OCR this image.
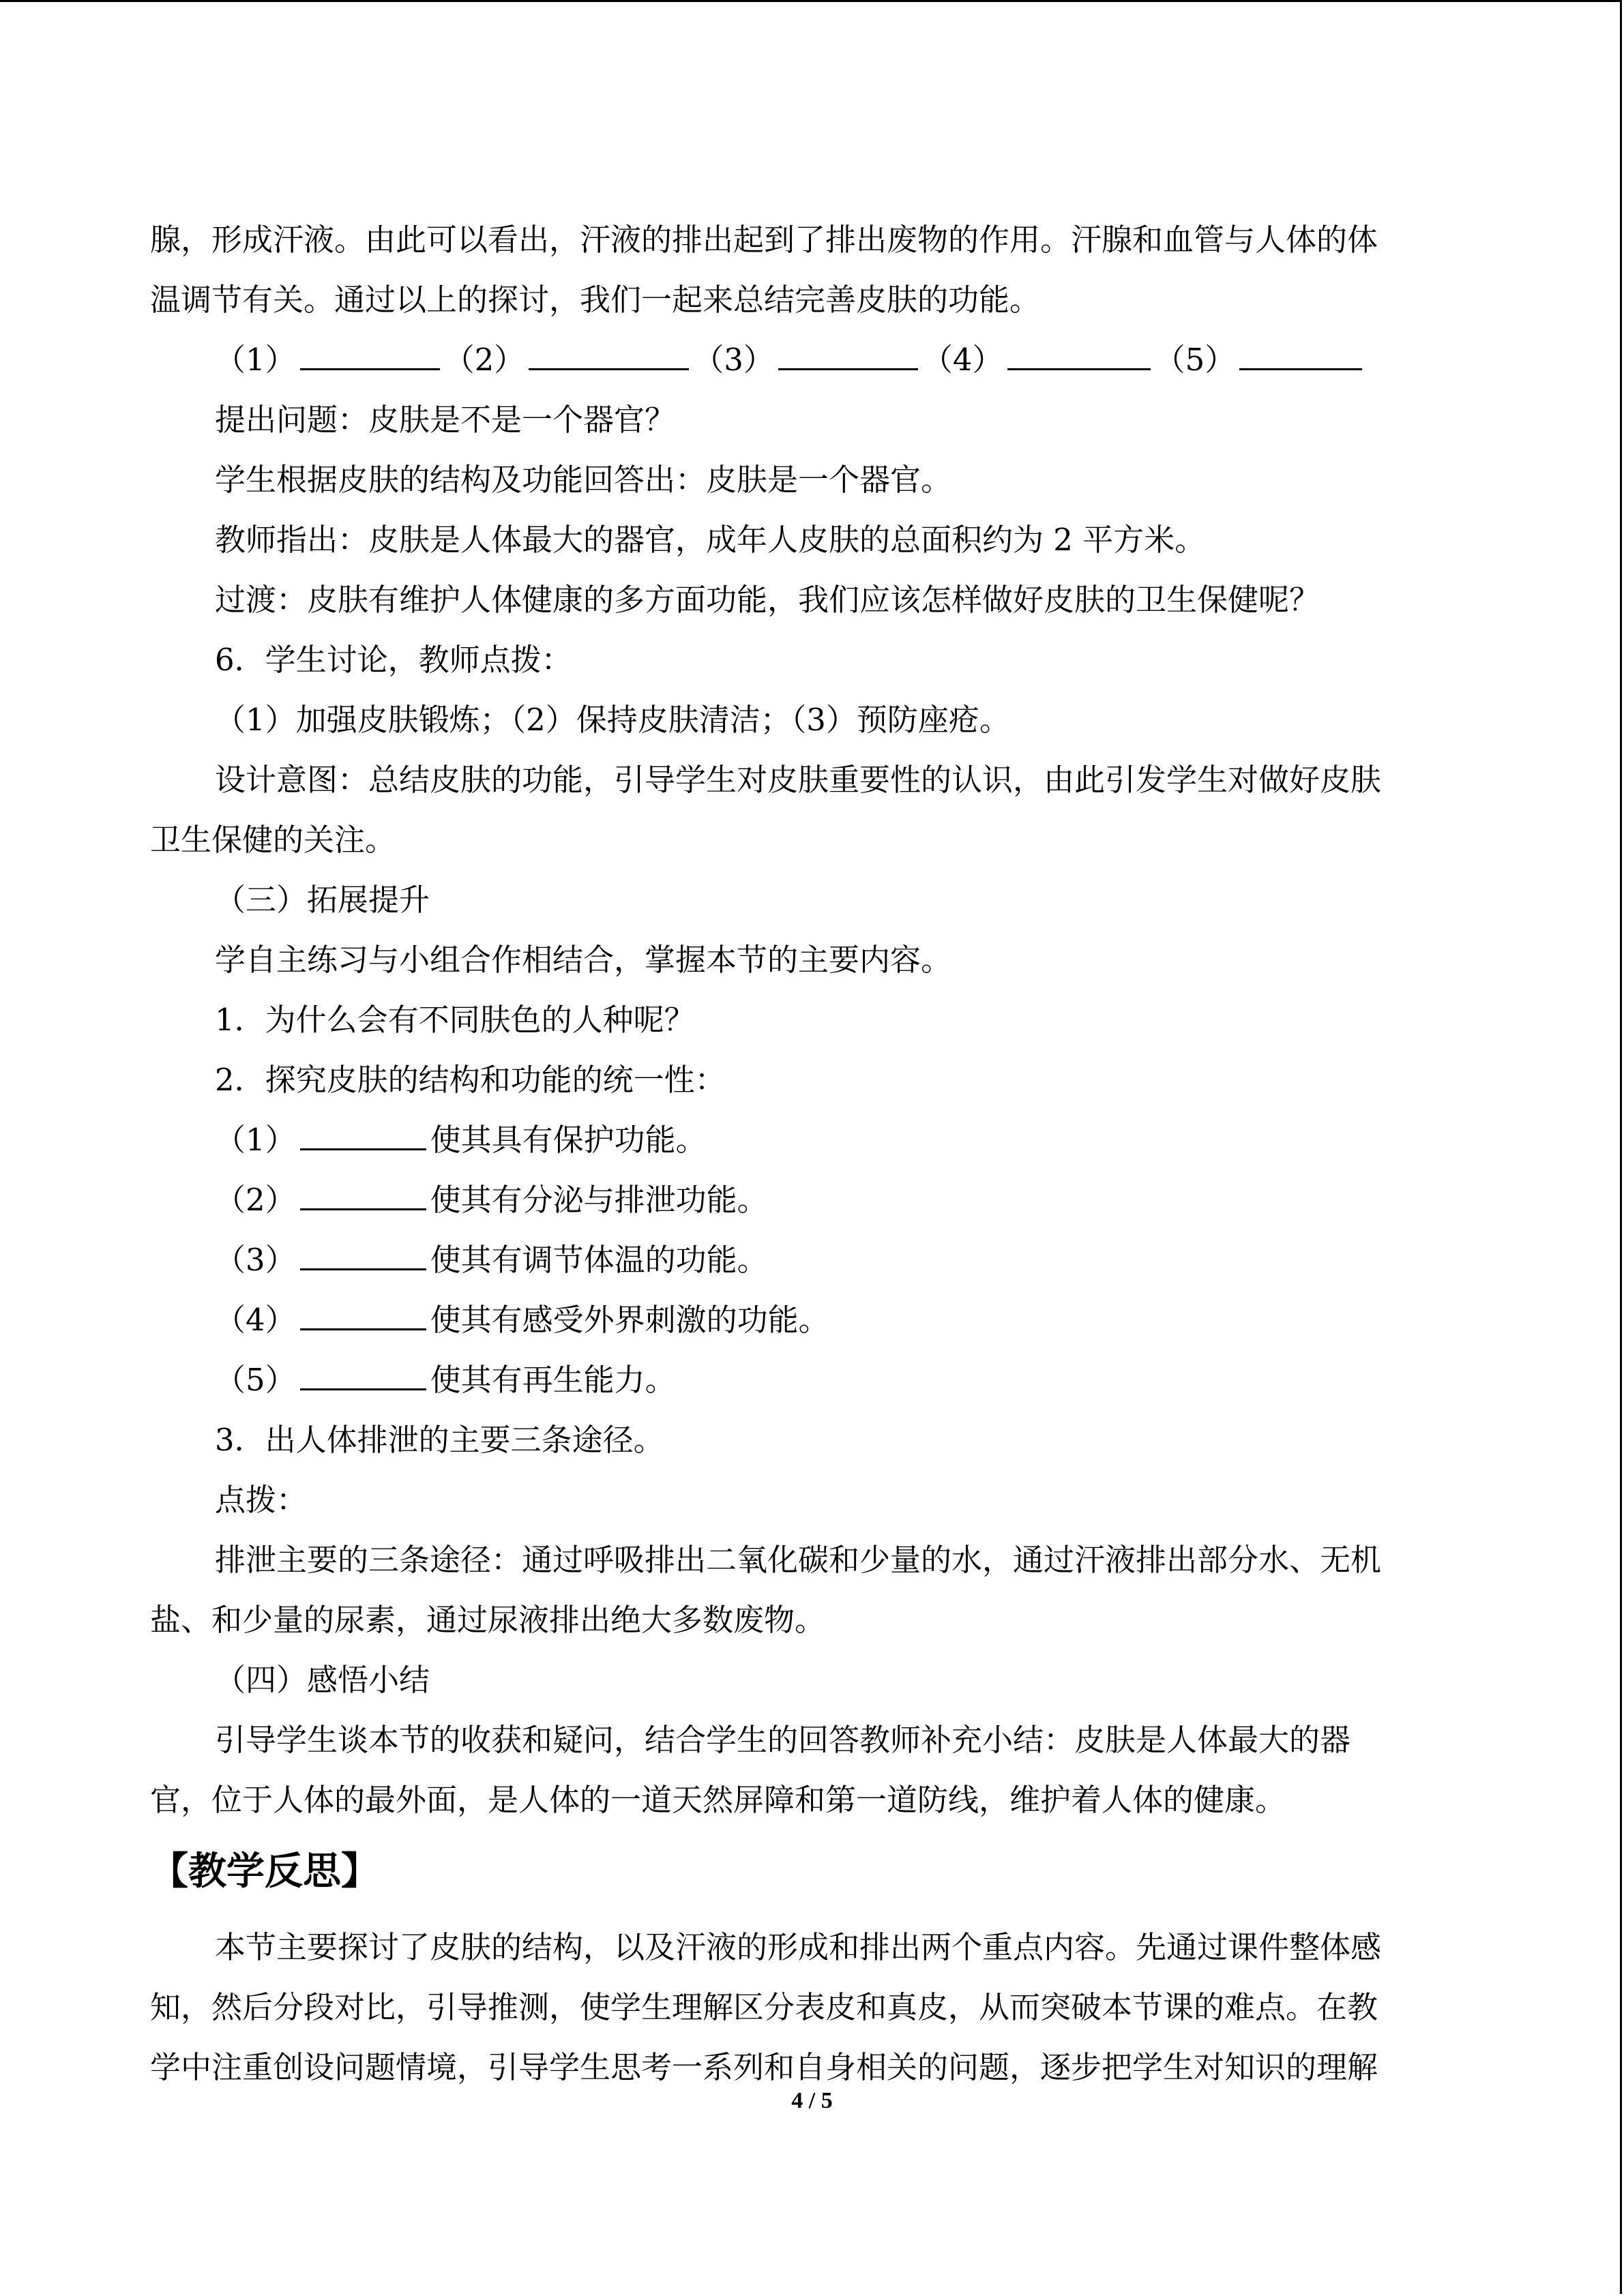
腺，形成汗液。由此可以看出，汗液的排出起到了排出废物的作用。汗腺和血管与人体的体

温调节有关。通过以上的探讨，我们一起来总结完善皮肤的功能。

（1）	（2）	（3）	（4）	（5）

提出问题：皮肤是不是一个器官？

学生根据皮肤的结构及功能回答出：皮肤是一个器官。

教师指出：皮肤是人体最大的器官，成年人皮肤的总面积约为 2 平方米。

过渡：皮肤有维护人体健康的多方面功能，我们应该怎样做好皮肤的卫生保健呢？

6．学生讨论，教师点拨：

（1）加强皮肤锻炼；（2）保持皮肤清洁；（3）预防座疮。

设计意图：总结皮肤的功能，引导学生对皮肤重要性的认识，由此引发学生对做好皮肤

卫生保健的关注。

（三）拓展提升

学自主练习与小组合作相结合，掌握本节的主要内容。

1．为什么会有不同肤色的人种呢？

2．探究皮肤的结构和功能的统一性：

（1）	使其具有保护功能。

（2）	使其有分泌与排泄功能。

（3）	使其有调节体温的功能。

（4）	使其有感受外界刺激的功能。

（5）	使其有再生能力。

3．出人体排泄的主要三条途径。

点拨：

排泄主要的三条途径：通过呼吸排出二氧化碳和少量的水，通过汗液排出部分水、无机

盐、和少量的尿素，通过尿液排出绝大多数废物。

（四）感悟小结

引导学生谈本节的收获和疑问，结合学生的回答教师补充小结：皮肤是人体最大的器

官，位于人体的最外面，是人体的一道天然屏障和第一道防线，维护着人体的健康。

【教学反思】

本节主要探讨了皮肤的结构，以及汗液的形成和排出两个重点内容。先通过课件整体感

知，然后分段对比，引导推测，使学生理解区分表皮和真皮，从而突破本节课的难点。在教

学中注重创设问题情境，引导学生思考一系列和自身相关的问题，逐步把学生对知识的理解

4 / 5
